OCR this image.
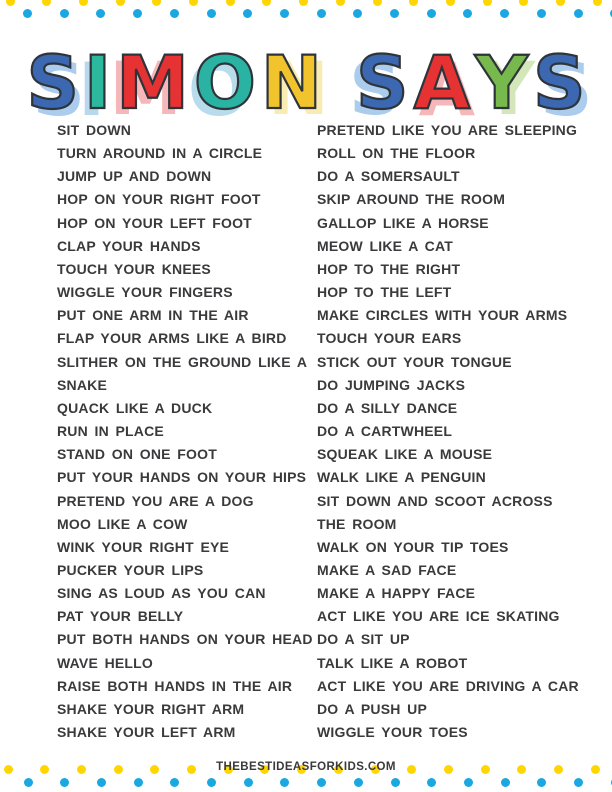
S I M O N S A Y S
SIT DOWN
TURN AROUND IN A CIRCLE
JUMP UP AND DOWN
HOP ON YOUR RIGHT FOOT
HOP ON YOUR LEFT FOOT
CLAP YOUR HANDS
TOUCH YOUR KNEES
WIGGLE YOUR FINGERS
PUT ONE ARM IN THE AIR
FLAP YOUR ARMS LIKE A BIRD
SLITHER ON THE GROUND LIKE A
SNAKE
QUACK LIKE A DUCK
RUN IN PLACE
STAND ON ONE FOOT
PUT YOUR HANDS ON YOUR HIPS
PRETEND YOU ARE A DOG
MOO LIKE A COW
WINK YOUR RIGHT EYE
PUCKER YOUR LIPS
SING AS LOUD AS YOU CAN
PAT YOUR BELLY
PUT BOTH HANDS ON YOUR HEAD
WAVE HELLO
RAISE BOTH HANDS IN THE AIR
SHAKE YOUR RIGHT ARM
SHAKE YOUR LEFT ARM
PRETEND LIKE YOU ARE SLEEPING
ROLL ON THE FLOOR
DO A SOMERSAULT
SKIP AROUND THE ROOM
GALLOP LIKE A HORSE
MEOW LIKE A CAT
HOP TO THE RIGHT
HOP TO THE LEFT
MAKE CIRCLES WITH YOUR ARMS
TOUCH YOUR EARS
STICK OUT YOUR TONGUE
DO JUMPING JACKS
DO A SILLY DANCE
DO A CARTWHEEL
SQUEAK LIKE A MOUSE
WALK LIKE A PENGUIN
SIT DOWN AND SCOOT ACROSS
THE ROOM
WALK ON YOUR TIP TOES
MAKE A SAD FACE
MAKE A HAPPY FACE
ACT LIKE YOU ARE ICE SKATING
DO A SIT UP
TALK LIKE A ROBOT
ACT LIKE YOU ARE DRIVING A CAR
DO A PUSH UP
WIGGLE YOUR TOES
THEBESTIDEASFORKIDS.COM
